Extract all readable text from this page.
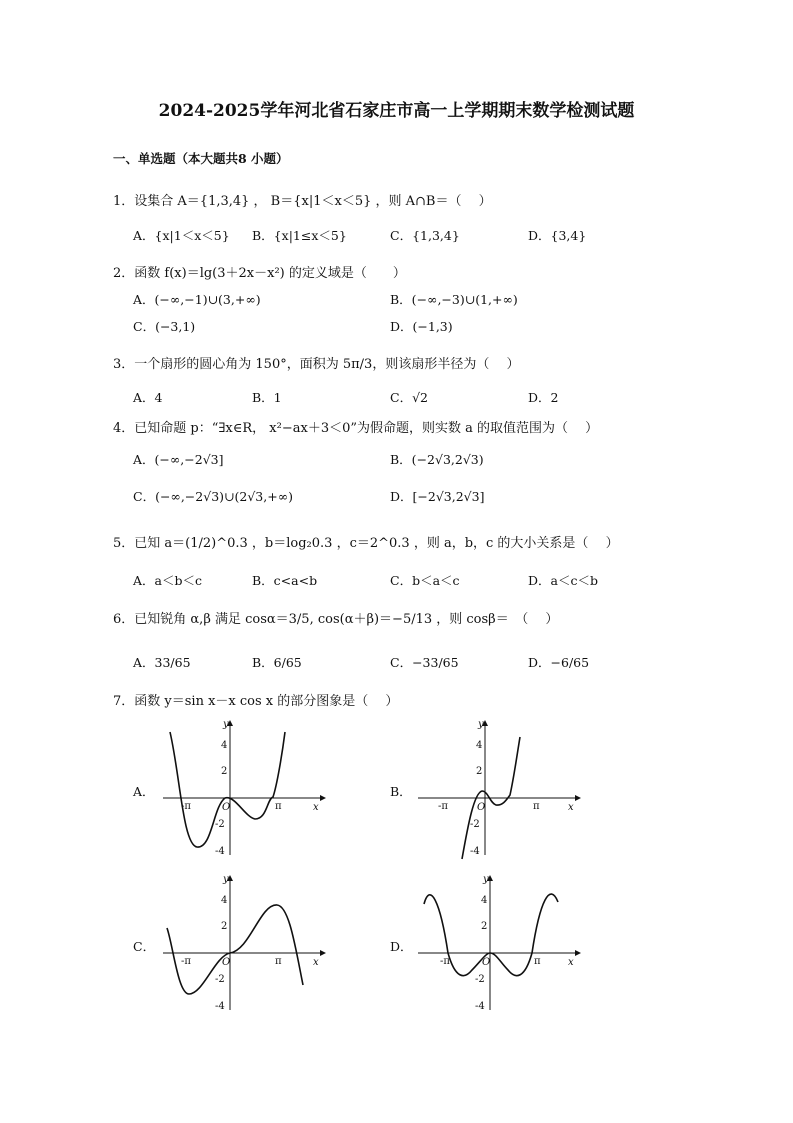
2024-2025学年河北省石家庄市高一上学期期末数学检测试题
一、单选题（本大题共8 小题）
1．设集合 A＝{1,3,4} ， B＝{x|1＜x＜5} ，则 A∩B＝（　 ）
A．{x|1＜x＜5} B．{x|1≤x＜5}	C．{1,3,4}	D．{3,4}
2．函数 f(x)＝lg(3＋2x－x²) 的定义域是（　　）
A．(−∞,−1)∪(3,+∞)	B．(−∞,−3)∪(1,+∞)
C．(−3,1)	D．(−1,3)
3．一个扇形的圆心角为 150°，面积为 5π/3，则该扇形半径为（　 ）
A．4	B．1	C．√2	D．2
4．已知命题 p：“∃x∈R， x²−ax＋3＜0”为假命题，则实数 a 的取值范围为（　 ）
A．(−∞,−2√3]	B．(−2√3,2√3)
C．(−∞,−2√3)∪(2√3,+∞)	D．[−2√3,2√3]
5．已知 a＝(1/2)^0.3 ，b＝log₂0.3 ，c＝2^0.3 ，则 a，b，c 的大小关系是（　 ）
A．a＜b＜c	B．c<a<b	C．b＜a＜c	D．a＜c＜b
6．已知锐角 α,β 满足 cosα＝3/5, cos(α＋β)＝−5/13 ，则 cosβ＝　（　 ）
A．33/65	B．6/65	C．−33/65	D．−6/65
7．函数 y＝sin x－x cos x 的部分图象是（　 ）
A．	B．
C．	D．
y
x
O
4
2
-2
-4
-π	π
y
x
O
4
2
-2
-4
-π	π
y
x
O
4
2
-2
-4
-π	π
y
x
O
4
2
-2
-4
-π	π
